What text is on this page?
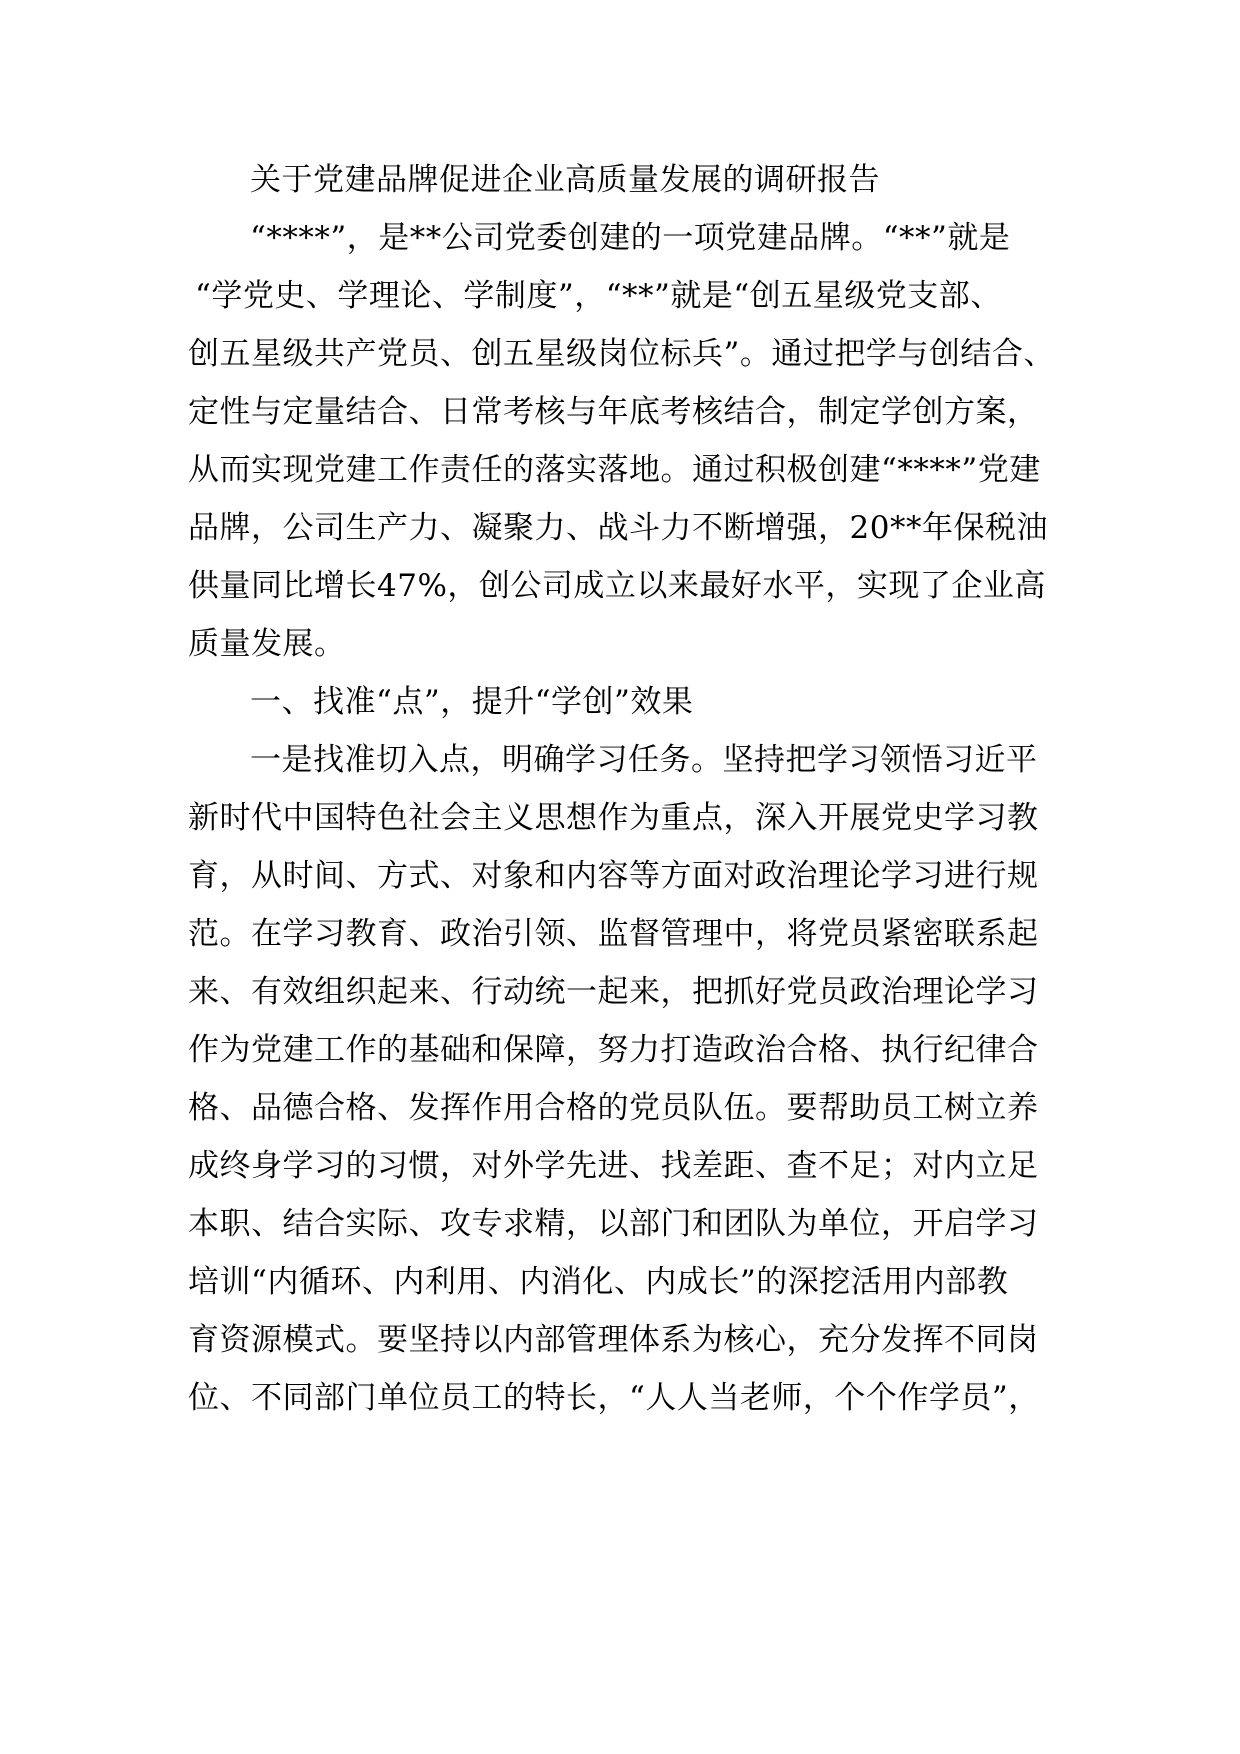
关于党建品牌促进企业高质量发展的调研报告
“****”，是**公司党委创建的一项党建品牌。“**”就是
“学党史、学理论、学制度”，“**”就是“创五星级党支部、
创五星级共产党员、创五星级岗位标兵”。通过把学与创结合、
定性与定量结合、日常考核与年底考核结合，制定学创方案，
从而实现党建工作责任的落实落地。通过积极创建“****”党建
品牌，公司生产力、凝聚力、战斗力不断增强，20**年保税油
供量同比增长47%，创公司成立以来最好水平，实现了企业高
质量发展。
一、找准“点”，提升“学创”效果
一是找准切入点，明确学习任务。坚持把学习领悟习近平
新时代中国特色社会主义思想作为重点，深入开展党史学习教
育，从时间、方式、对象和内容等方面对政治理论学习进行规
范。在学习教育、政治引领、监督管理中，将党员紧密联系起
来、有效组织起来、行动统一起来，把抓好党员政治理论学习
作为党建工作的基础和保障，努力打造政治合格、执行纪律合
格、品德合格、发挥作用合格的党员队伍。要帮助员工树立养
成终身学习的习惯，对外学先进、找差距、查不足；对内立足
本职、结合实际、攻专求精，以部门和团队为单位，开启学习
培训“内循环、内利用、内消化、内成长”的深挖活用内部教
育资源模式。要坚持以内部管理体系为核心，充分发挥不同岗
位、不同部门单位员工的特长，“人人当老师，个个作学员”，
